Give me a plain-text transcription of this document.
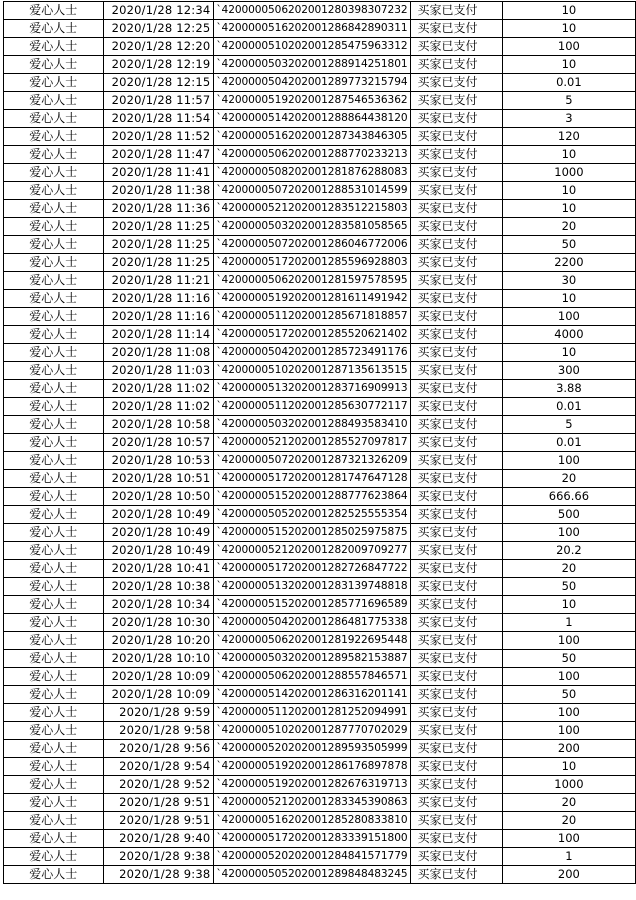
爱心人士	2020/1/28 12:34	`4200000506202001280398307232	买家已支付	10
爱心人士	2020/1/28 12:25	`4200000516202001286842890311	买家已支付	10
爱心人士	2020/1/28 12:20	`4200000510202001285475963312	买家已支付	100
爱心人士	2020/1/28 12:19	`4200000503202001288914251801	买家已支付	10
爱心人士	2020/1/28 12:15	`4200000504202001289773215794	买家已支付	0.01
爱心人士	2020/1/28 11:57	`4200000519202001287546536362	买家已支付	5
爱心人士	2020/1/28 11:54	`4200000514202001288864438120	买家已支付	3
爱心人士	2020/1/28 11:52	`4200000516202001287343846305	买家已支付	120
爱心人士	2020/1/28 11:47	`4200000506202001288770233213	买家已支付	10
爱心人士	2020/1/28 11:41	`4200000508202001281876288083	买家已支付	1000
爱心人士	2020/1/28 11:38	`4200000507202001288531014599	买家已支付	10
爱心人士	2020/1/28 11:36	`4200000521202001283512215803	买家已支付	10
爱心人士	2020/1/28 11:25	`4200000503202001283581058565	买家已支付	20
爱心人士	2020/1/28 11:25	`4200000507202001286046772006	买家已支付	50
爱心人士	2020/1/28 11:25	`4200000517202001285596928803	买家已支付	2200
爱心人士	2020/1/28 11:21	`4200000506202001281597578595	买家已支付	30
爱心人士	2020/1/28 11:16	`4200000519202001281611491942	买家已支付	10
爱心人士	2020/1/28 11:16	`4200000511202001285671818857	买家已支付	100
爱心人士	2020/1/28 11:14	`4200000517202001285520621402	买家已支付	4000
爱心人士	2020/1/28 11:08	`4200000504202001285723491176	买家已支付	10
爱心人士	2020/1/28 11:03	`4200000510202001287135613515	买家已支付	300
爱心人士	2020/1/28 11:02	`4200000513202001283716909913	买家已支付	3.88
爱心人士	2020/1/28 11:02	`4200000511202001285630772117	买家已支付	0.01
爱心人士	2020/1/28 10:58	`4200000503202001288493583410	买家已支付	5
爱心人士	2020/1/28 10:57	`4200000521202001285527097817	买家已支付	0.01
爱心人士	2020/1/28 10:53	`4200000507202001287321326209	买家已支付	100
爱心人士	2020/1/28 10:51	`4200000517202001281747647128	买家已支付	20
爱心人士	2020/1/28 10:50	`4200000515202001288777623864	买家已支付	666.66
爱心人士	2020/1/28 10:49	`4200000505202001282525555354	买家已支付	500
爱心人士	2020/1/28 10:49	`4200000515202001285025975875	买家已支付	100
爱心人士	2020/1/28 10:49	`4200000521202001282009709277	买家已支付	20.2
爱心人士	2020/1/28 10:41	`4200000517202001282726847722	买家已支付	20
爱心人士	2020/1/28 10:38	`4200000513202001283139748818	买家已支付	50
爱心人士	2020/1/28 10:34	`4200000515202001285771696589	买家已支付	10
爱心人士	2020/1/28 10:30	`4200000504202001286481775338	买家已支付	1
爱心人士	2020/1/28 10:20	`4200000506202001281922695448	买家已支付	100
爱心人士	2020/1/28 10:10	`4200000503202001289582153887	买家已支付	50
爱心人士	2020/1/28 10:09	`4200000506202001288557846571	买家已支付	100
爱心人士	2020/1/28 10:09	`4200000514202001286316201141	买家已支付	50
爱心人士	2020/1/28 9:59	`4200000511202001281252094991	买家已支付	100
爱心人士	2020/1/28 9:58	`4200000510202001287770702029	买家已支付	100
爱心人士	2020/1/28 9:56	`4200000520202001289593505999	买家已支付	200
爱心人士	2020/1/28 9:54	`4200000519202001286176897878	买家已支付	10
爱心人士	2020/1/28 9:52	`4200000519202001282676319713	买家已支付	1000
爱心人士	2020/1/28 9:51	`4200000521202001283345390863	买家已支付	20
爱心人士	2020/1/28 9:51	`4200000516202001285280833810	买家已支付	20
爱心人士	2020/1/28 9:40	`4200000517202001283339151800	买家已支付	100
爱心人士	2020/1/28 9:38	`4200000520202001284841571779	买家已支付	1
爱心人士	2020/1/28 9:38	`4200000505202001289848483245	买家已支付	200
